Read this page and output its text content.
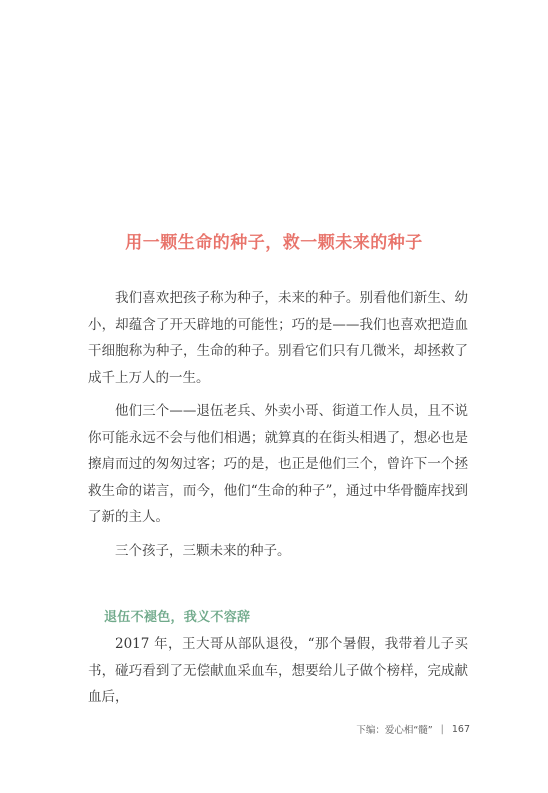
用一颗生命的种子，救一颗未来的种子

我们喜欢把孩子称为种子，未来的种子。别看他们新生、幼小，却蕴含了开天辟地的可能性；巧的是——我们也喜欢把造血干细胞称为种子，生命的种子。别看它们只有几微米，却拯救了成千上万人的一生。

他们三个——退伍老兵、外卖小哥、街道工作人员，且不说你可能永远不会与他们相遇；就算真的在街头相遇了，想必也是擦肩而过的匆匆过客；巧的是，也正是他们三个，曾许下一个拯救生命的诺言，而今，他们“生命的种子”，通过中华骨髓库找到了新的主人。

三个孩子，三颗未来的种子。

退伍不褪色，我义不容辞

2017 年，王大哥从部队退役，“那个暑假，我带着儿子买书，碰巧看到了无偿献血采血车，想要给儿子做个榜样，完成献血后，

下编：爱心相“髓” | 167
